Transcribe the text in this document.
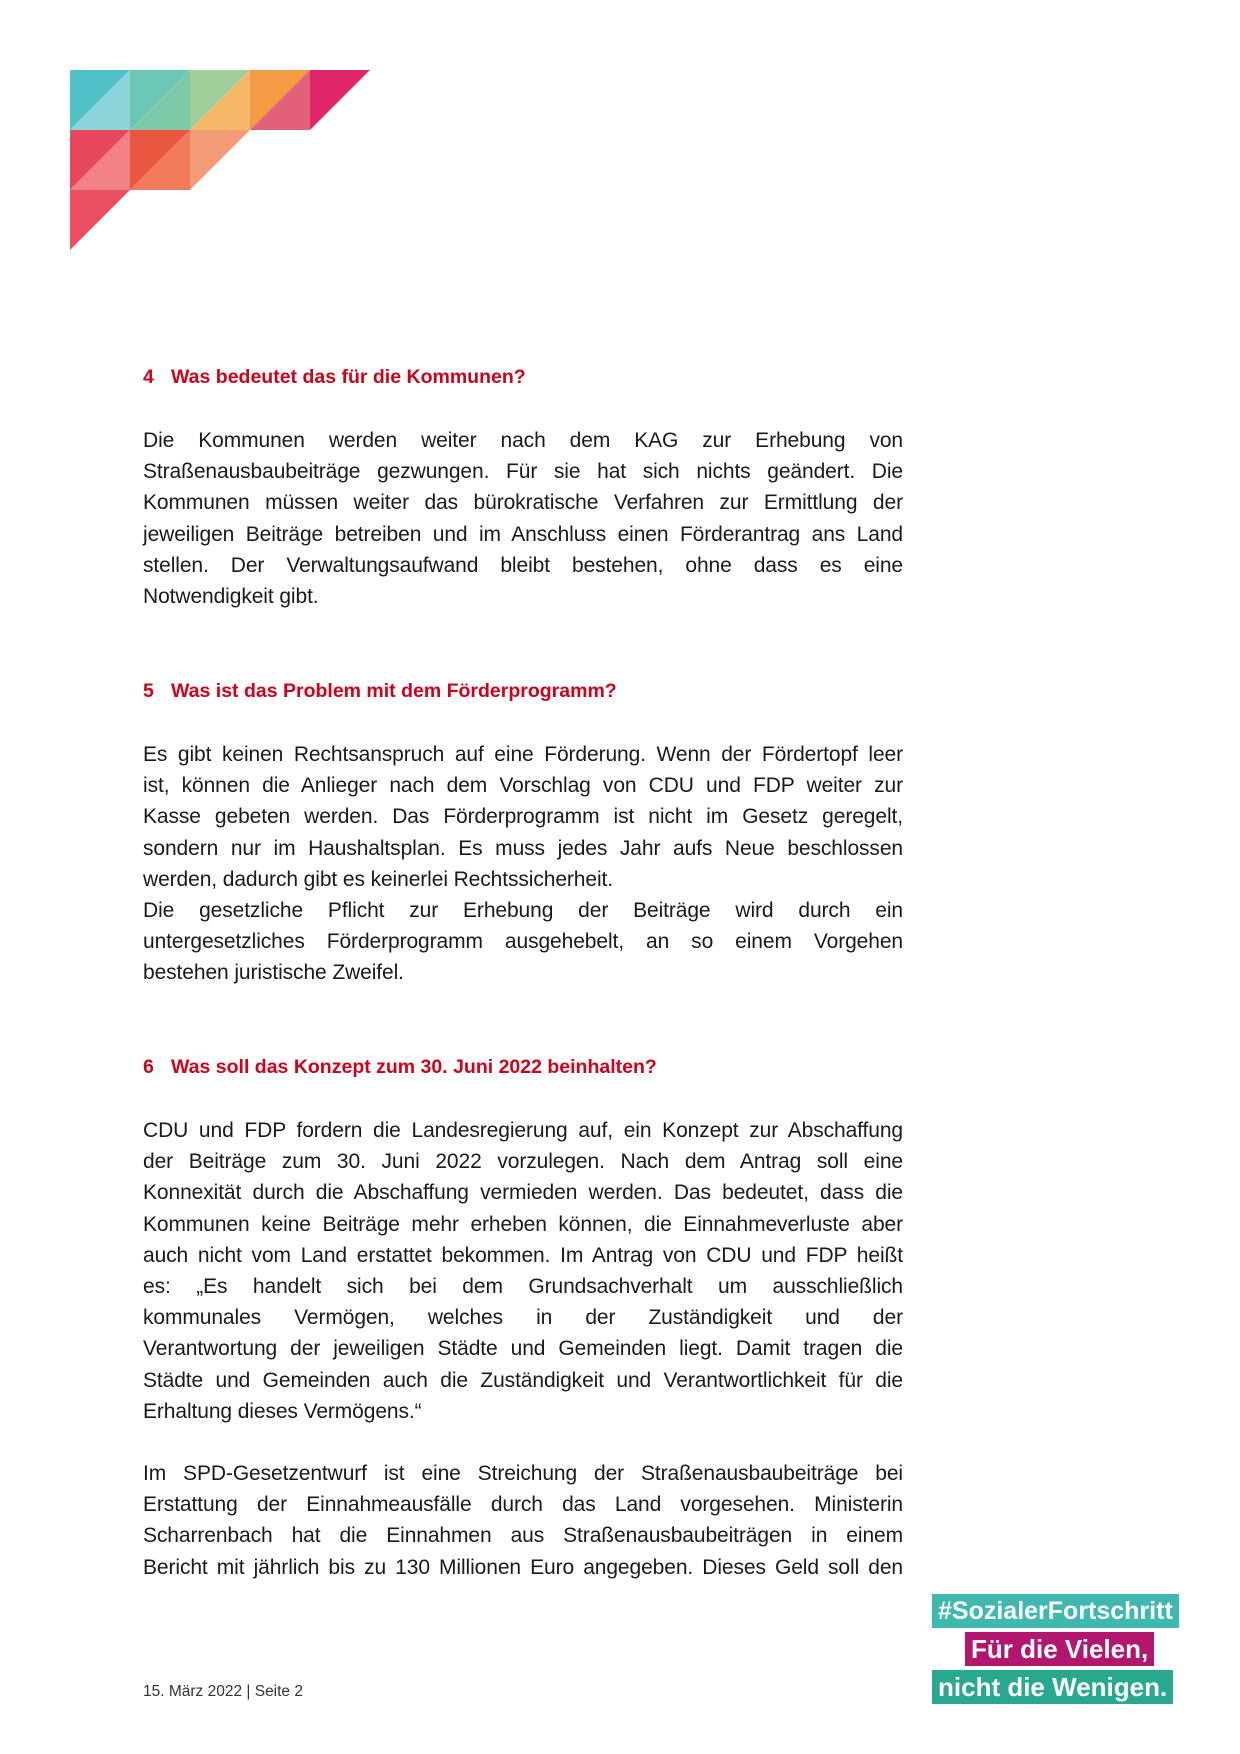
4 Was bedeutet das für die Kommunen?
Die Kommunen werden weiter nach dem KAG zur Erhebung von
Straßenausbaubeiträge gezwungen. Für sie hat sich nichts geändert. Die
Kommunen müssen weiter das bürokratische Verfahren zur Ermittlung der
jeweiligen Beiträge betreiben und im Anschluss einen Förderantrag ans Land
stellen. Der Verwaltungsaufwand bleibt bestehen, ohne dass es eine
Notwendigkeit gibt.
5 Was ist das Problem mit dem Förderprogramm?
Es gibt keinen Rechtsanspruch auf eine Förderung. Wenn der Fördertopf leer
ist, können die Anlieger nach dem Vorschlag von CDU und FDP weiter zur
Kasse gebeten werden. Das Förderprogramm ist nicht im Gesetz geregelt,
sondern nur im Haushaltsplan. Es muss jedes Jahr aufs Neue beschlossen
werden, dadurch gibt es keinerlei Rechtssicherheit.
Die gesetzliche Pflicht zur Erhebung der Beiträge wird durch ein
untergesetzliches Förderprogramm ausgehebelt, an so einem Vorgehen
bestehen juristische Zweifel.
6 Was soll das Konzept zum 30. Juni 2022 beinhalten?
CDU und FDP fordern die Landesregierung auf, ein Konzept zur Abschaffung
der Beiträge zum 30. Juni 2022 vorzulegen. Nach dem Antrag soll eine
Konnexität durch die Abschaffung vermieden werden. Das bedeutet, dass die
Kommunen keine Beiträge mehr erheben können, die Einnahmeverluste aber
auch nicht vom Land erstattet bekommen. Im Antrag von CDU und FDP heißt
es: „Es handelt sich bei dem Grundsachverhalt um ausschließlich
kommunales Vermögen, welches in der Zuständigkeit und der
Verantwortung der jeweiligen Städte und Gemeinden liegt. Damit tragen die
Städte und Gemeinden auch die Zuständigkeit und Verantwortlichkeit für die
Erhaltung dieses Vermögens.“
Im SPD-Gesetzentwurf ist eine Streichung der Straßenausbaubeiträge bei
Erstattung der Einnahmeausfälle durch das Land vorgesehen. Ministerin
Scharrenbach hat die Einnahmen aus Straßenausbaubeiträgen in einem
Bericht mit jährlich bis zu 130 Millionen Euro angegeben. Dieses Geld soll den
15. März 2022 | Seite 2
#SozialerFortschritt
Für die Vielen,
nicht die Wenigen.
